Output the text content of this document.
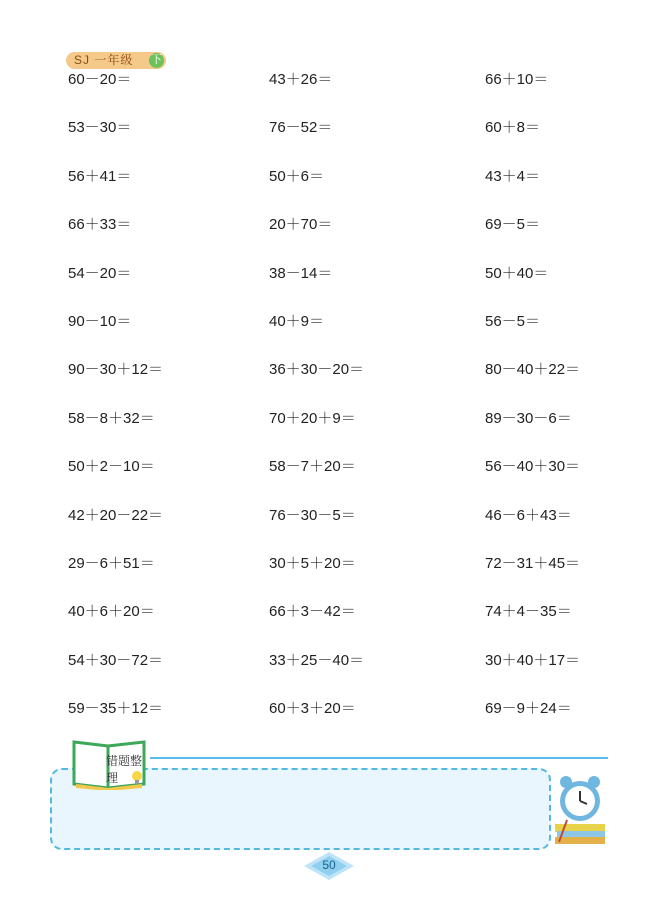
SJ 一年级 下
60－20＝	43＋26＝	66＋10＝
53－30＝	76－52＝	60＋8＝
56＋41＝	50＋6＝	43＋4＝
66＋33＝	20＋70＝	69－5＝
54－20＝	38－14＝	50＋40＝
90－10＝	40＋9＝	56－5＝
90－30＋12＝	36＋30－20＝	80－40＋22＝
58－8＋32＝	70＋20＋9＝	89－30－6＝
50＋2－10＝	58－7＋20＝	56－40＋30＝
42＋20－22＝	76－30－5＝	46－6＋43＝
29－6＋51＝	30＋5＋20＝	72－31＋45＝
40＋6＋20＝	66＋3－42＝	74＋4－35＝
54＋30－72＝	33＋25－40＝	30＋40＋17＝
59－35＋12＝	60＋3＋20＝	69－9＋24＝
错题整理
50
